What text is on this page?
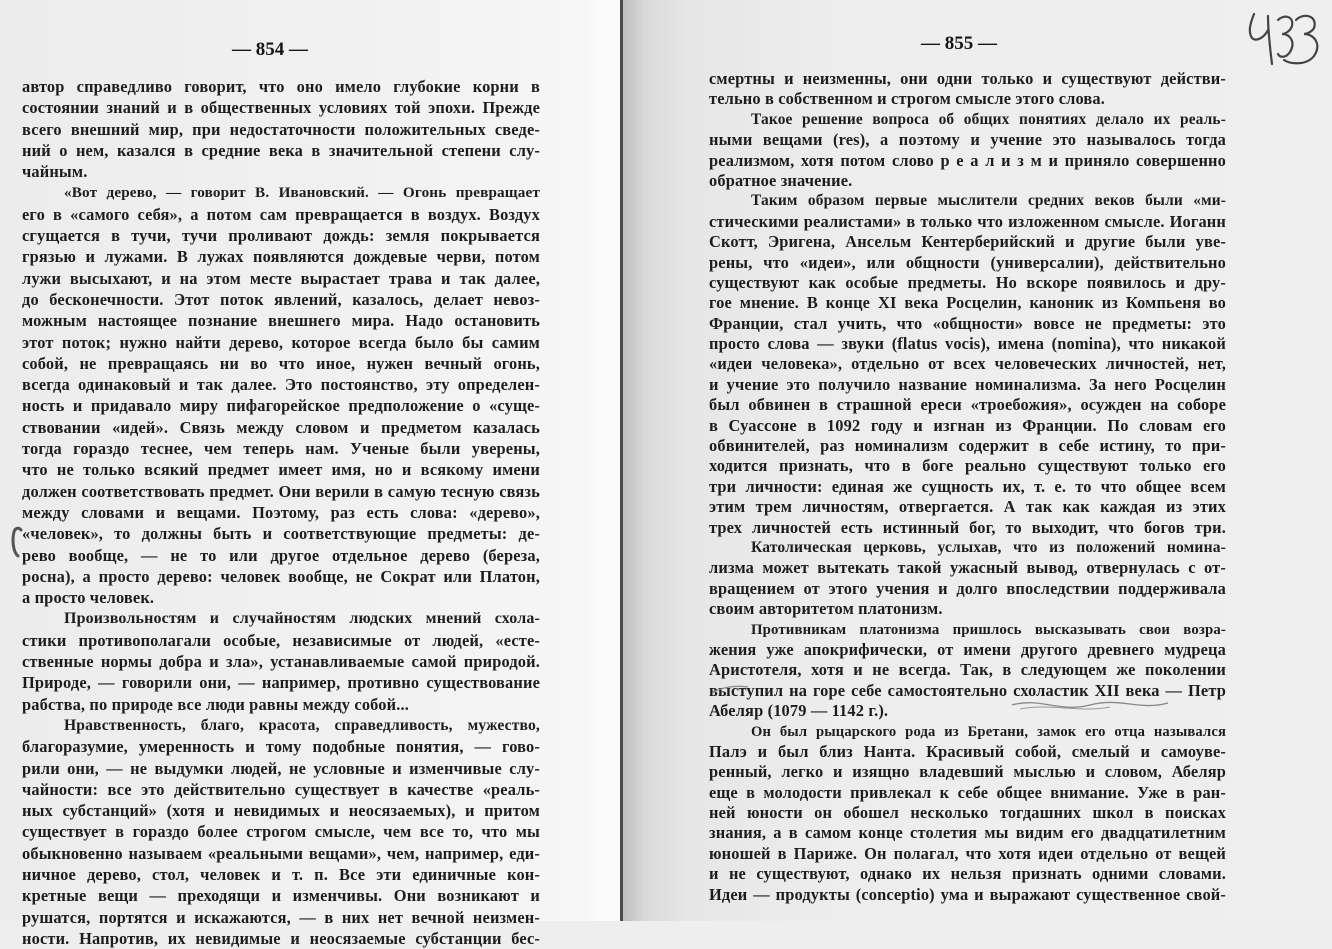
— 854 —
автор справедливо говорит, что оно имело глубокие корни в
состоянии знаний и в общественных условиях той эпохи. Прежде
всего внешний мир, при недостаточности положительных сведе-
ний о нем, казался в средние века в значительной степени слу-
чайным.
«Вот дерево, — говорит В. Ивановский. — Огонь превращает
его в «самого себя», а потом сам превращается в воздух. Воздух
сгущается в тучи, тучи проливают дождь: земля покрывается
грязью и лужами. В лужах появляются дождевые черви, потом
лужи высыхают, и на этом месте вырастает трава и так далее,
до бесконечности. Этот поток явлений, казалось, делает невоз-
можным настоящее познание внешнего мира. Надо остановить
этот поток; нужно найти дерево, которое всегда было бы самим
собой, не превращаясь ни во что иное, нужен вечный огонь,
всегда одинаковый и так далее. Это постоянство, эту определен-
ность и придавало миру пифагорейское предположение о «суще-
ствовании «идей». Связь между словом и предметом казалась
тогда гораздо теснее, чем теперь нам. Ученые были уверены,
что не только всякий предмет имеет имя, но и всякому имени
должен соответствовать предмет. Они верили в самую тесную связь
между словами и вещами. Поэтому, раз есть слова: «дерево»,
«человек», то должны быть и соответствующие предметы: де-
рево вообще, — не то или другое отдельное дерево (береза,
росна), а просто дерево: человек вообще, не Сократ или Платон,
а просто человек.
Произвольностям и случайностям людских мнений схола-
стики противополагали особые, независимые от людей, «есте-
ственные нормы добра и зла», устанавливаемые самой природой.
Природе, — говорили они, — например, противно существование
рабства, по природе все люди равны между собой...
Нравственность, благо, красота, справедливость, мужество,
благоразумие, умеренность и тому подобные понятия, — гово-
рили они, — не выдумки людей, не условные и изменчивые слу-
чайности: все это действительно существует в качестве «реаль-
ных субстанций» (хотя и невидимых и неосязаемых), и притом
существует в гораздо более строгом смысле, чем все то, что мы
обыкновенно называем «реальными вещами», чем, например, еди-
ничное дерево, стол, человек и т. п. Все эти единичные кон-
кретные вещи — преходящи и изменчивы. Они возникают и
рушатся, портятся и искажаются, — в них нет вечной неизмен-
ности. Напротив, их невидимые и неосязаемые субстанции бес-
— 855 —
смертны и неизменны, они одни только и существуют действи-
тельно в собственном и строгом смысле этого слова.
Такое решение вопроса об общих понятиях делало их реаль-
ными вещами (res), а поэтому и учение это называлось тогда
реализмом, хотя потом слово р е а л и з м и приняло совершенно
обратное значение.
Таким образом первые мыслители средних веков были «ми-
стическими реалистами» в только что изложенном смысле. Иоганн
Скотт, Эригена, Ансельм Кентерберийский и другие были уве-
рены, что «идеи», или общности (универсалии), действительно
существуют как особые предметы. Но вскоре появилось и дру-
гое мнение. В конце XI века Росцелин, каноник из Компьеня во
Франции, стал учить, что «общности» вовсе не предметы: это
просто слова — звуки (flatus vocis), имена (nomina), что никакой
«идеи человека», отдельно от всех человеческих личностей, нет,
и учение это получило название номинализма. За него Росцелин
был обвинен в страшной ереси «троебожия», осужден на соборе
в Суассоне в 1092 году и изгнан из Франции. По словам его
обвинителей, раз номинализм содержит в себе истину, то при-
ходится признать, что в боге реально существуют только его
три личности: единая же сущность их, т. е. то что общее всем
этим трем личностям, отвергается. А так как каждая из этих
трех личностей есть истинный бог, то выходит, что богов три.
Католическая церковь, услыхав, что из положений номина-
лизма может вытекать такой ужасный вывод, отвернулась с от-
вращением от этого учения и долго впоследствии поддерживала
своим авторитетом платонизм.
Противникам платонизма пришлось высказывать свои возра-
жения уже апокрифически, от имени другого древнего мудреца
Аристотеля, хотя и не всегда. Так, в следующем же поколении
выступил на горе себе самостоятельно схоластик XII века — Петр
Абеляр (1079 — 1142 г.).
Он был рыцарского рода из Бретани, замок его отца назывался
Палэ и был близ Нанта. Красивый собой, смелый и самоуве-
ренный, легко и изящно владевший мыслью и словом, Абеляр
еще в молодости привлекал к себе общее внимание. Уже в ран-
ней юности он обошел несколько тогдашних школ в поисках
знания, а в самом конце столетия мы видим его двадцатилетним
юношей в Париже. Он полагал, что хотя идеи отдельно от вещей
и не существуют, однако их нельзя признать одними словами.
Идеи — продукты (conceptio) ума и выражают существенное свой-
